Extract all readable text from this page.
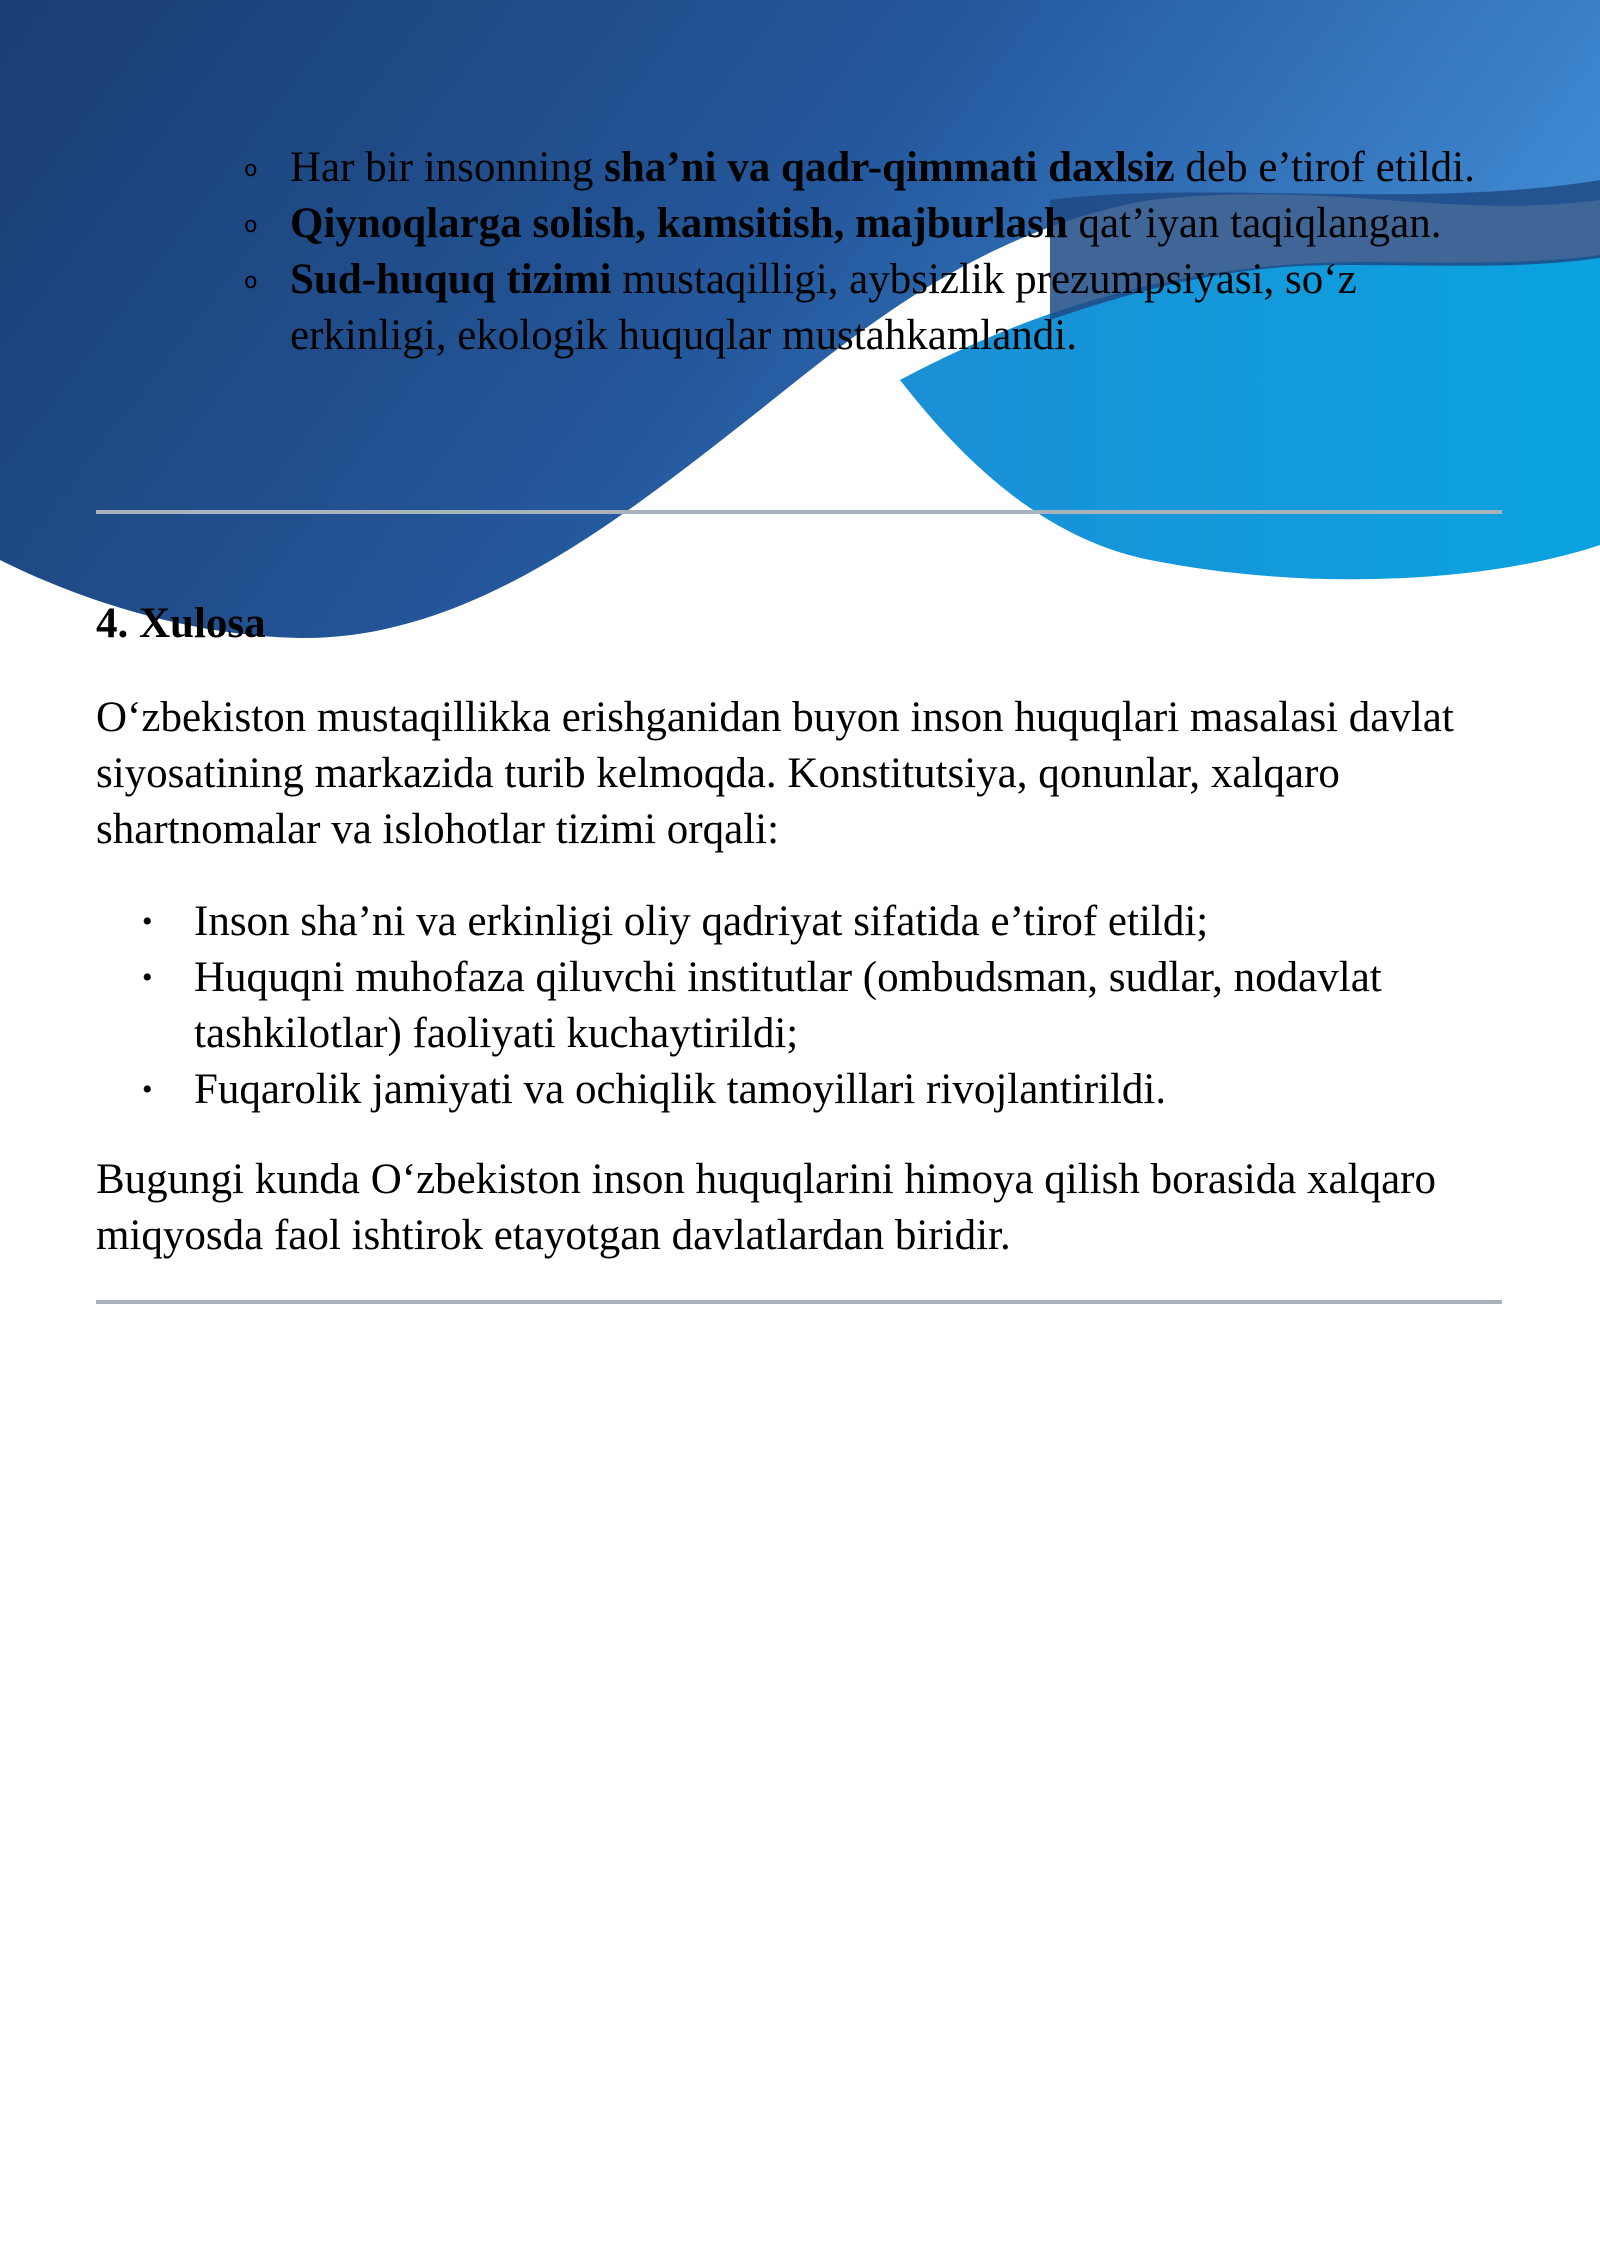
o Har bir insonning sha’ni va qadr-qimmati daxlsiz deb e’tirof etildi.
o Qiynoqlarga solish, kamsitish, majburlash qat’iyan taqiqlangan.
o Sud-huquq tizimi mustaqilligi, aybsizlik prezumpsiyasi, so‘z erkinligi, ekologik huquqlar mustahkamlandi.
4. Xulosa

O‘zbekiston mustaqillikka erishganidan buyon inson huquqlari masalasi davlat siyosatining markazida turib kelmoqda. Konstitutsiya, qonunlar, xalqaro shartnomalar va islohotlar tizimi orqali:

• Inson sha’ni va erkinligi oliy qadriyat sifatida e’tirof etildi;
• Huquqni muhofaza qiluvchi institutlar (ombudsman, sudlar, nodavlat tashkilotlar) faoliyati kuchaytirildi;
• Fuqarolik jamiyati va ochiqlik tamoyillari rivojlantirildi.

Bugungi kunda O‘zbekiston inson huquqlarini himoya qilish borasida xalqaro miqyosda faol ishtirok etayotgan davlatlardan biridir.
